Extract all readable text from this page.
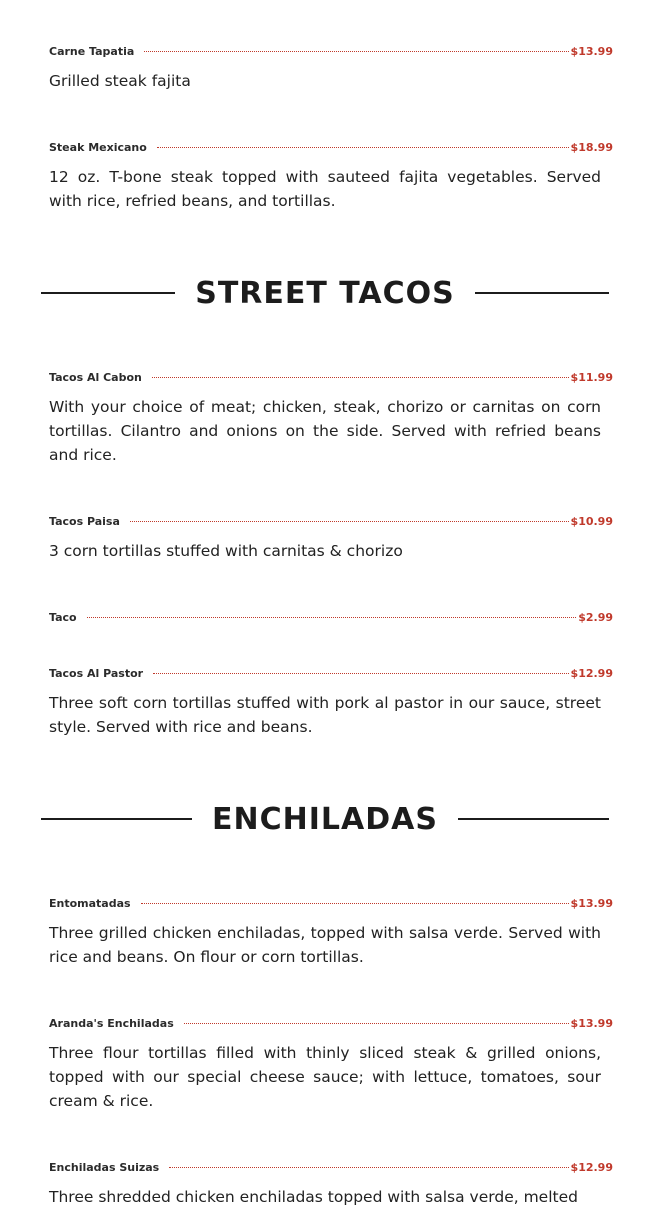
Carne Tapatia	$13.99
Grilled steak fajita
Steak Mexicano	$18.99
12 oz. T-bone steak topped with sauteed fajita vegetables. Served with rice, refried beans, and tortillas.
STREET TACOS
Tacos Al Cabon	$11.99
With your choice of meat; chicken, steak, chorizo or carnitas on corn tortillas. Cilantro and onions on the side. Served with refried beans and rice.
Tacos Paisa	$10.99
3 corn tortillas stuffed with carnitas & chorizo
Taco	$2.99
Tacos Al Pastor	$12.99
Three soft corn tortillas stuffed with pork al pastor in our sauce, street style. Served with rice and beans.
ENCHILADAS
Entomatadas	$13.99
Three grilled chicken enchiladas, topped with salsa verde. Served with rice and beans. On flour or corn tortillas.
Aranda's Enchiladas	$13.99
Three flour tortillas filled with thinly sliced steak & grilled onions, topped with our special cheese sauce; with lettuce, tomatoes, sour cream & rice.
Enchiladas Suizas	$12.99
Three shredded chicken enchiladas topped with salsa verde, melted
